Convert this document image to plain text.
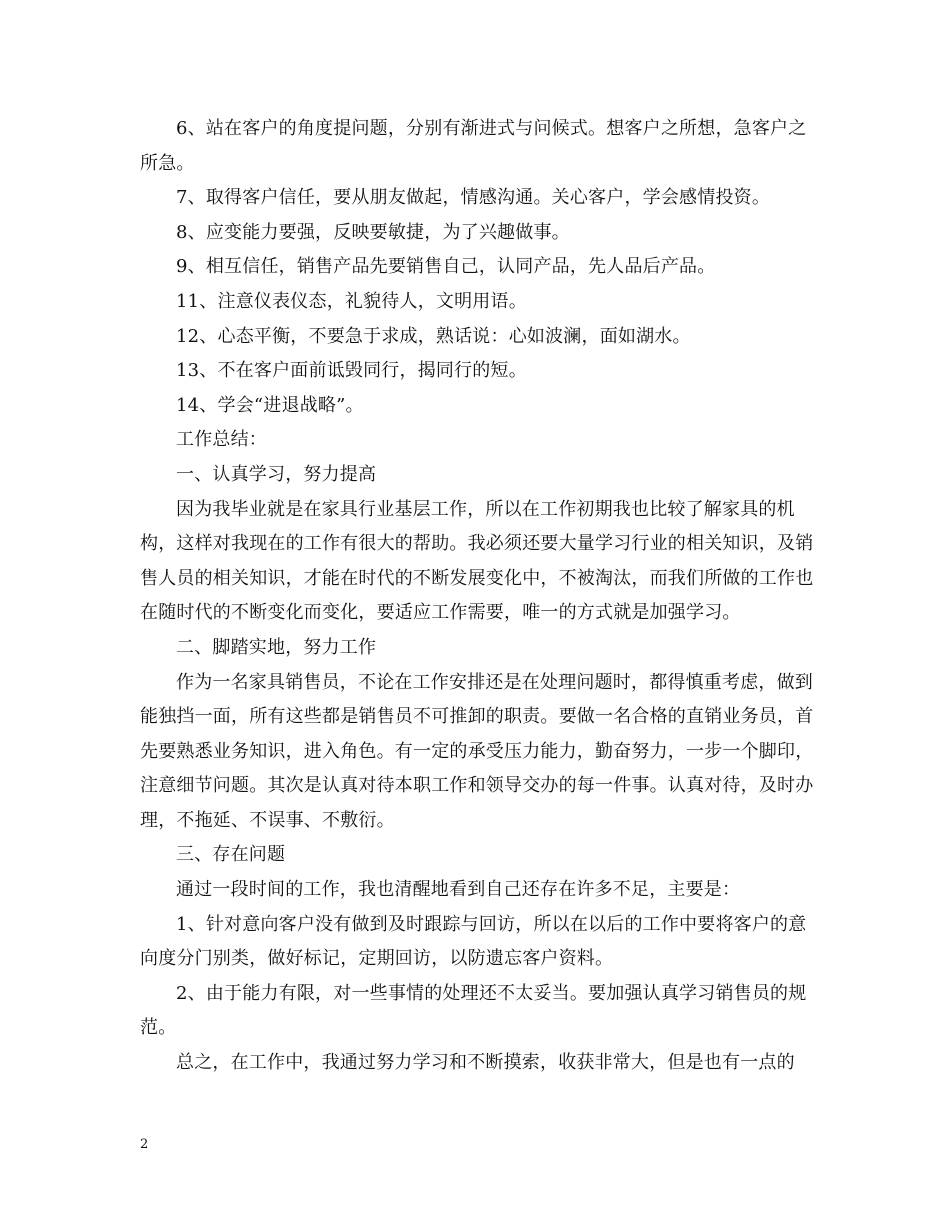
6、站在客户的角度提问题，分别有渐进式与问候式。想客户之所想，急客户之所急。

7、取得客户信任，要从朋友做起，情感沟通。关心客户，学会感情投资。

8、应变能力要强，反映要敏捷，为了兴趣做事。

9、相互信任，销售产品先要销售自己，认同产品，先人品后产品。

11、注意仪表仪态，礼貌待人，文明用语。

12、心态平衡，不要急于求成，熟话说：心如波澜，面如湖水。

13、不在客户面前诋毁同行，揭同行的短。

14、学会“进退战略”。

工作总结：

一、认真学习，努力提高

因为我毕业就是在家具行业基层工作，所以在工作初期我也比较了解家具的机构，这样对我现在的工作有很大的帮助。我必须还要大量学习行业的相关知识，及销售人员的相关知识，才能在时代的不断发展变化中，不被淘汰，而我们所做的工作也在随时代的不断变化而变化，要适应工作需要，唯一的方式就是加强学习。

二、脚踏实地，努力工作

作为一名家具销售员，不论在工作安排还是在处理问题时，都得慎重考虑，做到能独挡一面，所有这些都是销售员不可推卸的职责。要做一名合格的直销业务员，首先要熟悉业务知识，进入角色。有一定的承受压力能力，勤奋努力，一步一个脚印，注意细节问题。其次是认真对待本职工作和领导交办的每一件事。认真对待，及时办理，不拖延、不误事、不敷衍。

三、存在问题

通过一段时间的工作，我也清醒地看到自己还存在许多不足，主要是：

1、针对意向客户没有做到及时跟踪与回访，所以在以后的工作中要将客户的意向度分门别类，做好标记，定期回访，以防遗忘客户资料。

2、由于能力有限，对一些事情的处理还不太妥当。要加强认真学习销售员的规范。

总之，在工作中，我通过努力学习和不断摸索，收获非常大，但是也有一点的

2
